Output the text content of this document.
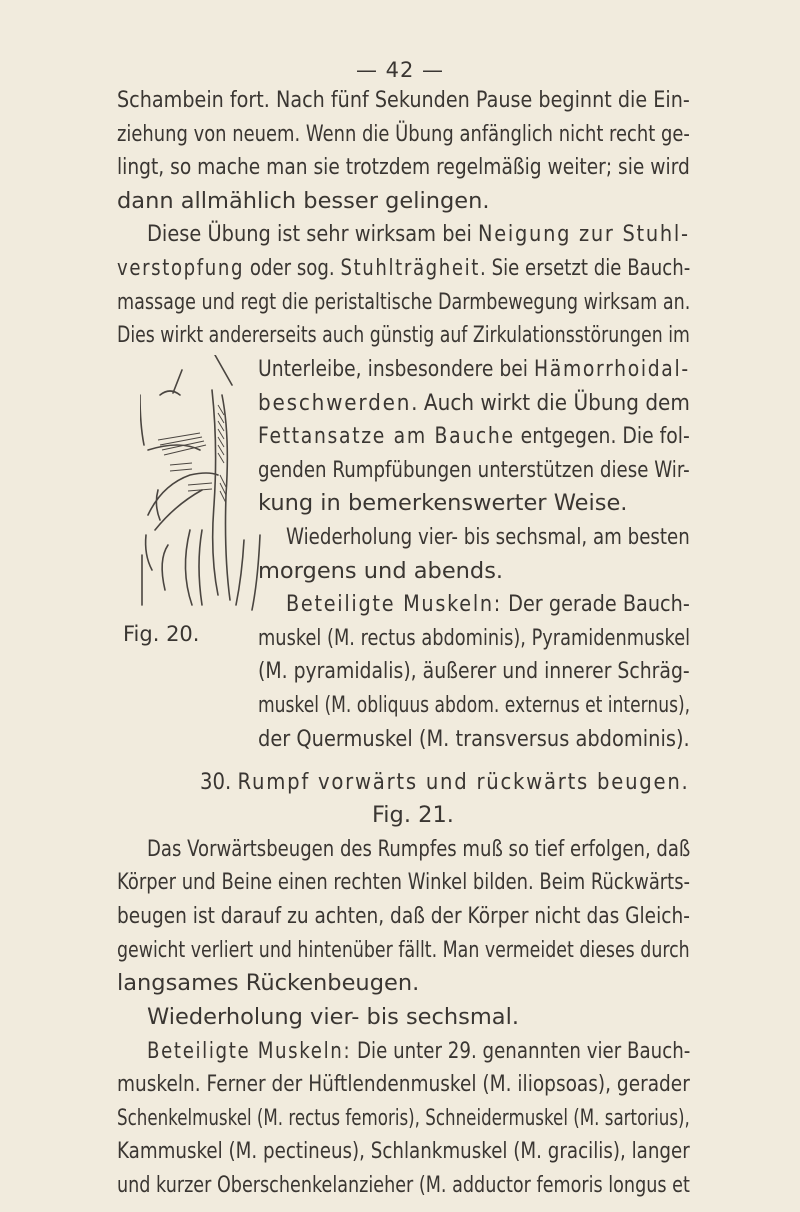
— 42 —
Schambein fort. Nach fünf Sekunden Pause beginnt die Ein-
ziehung von neuem. Wenn die Übung anfänglich nicht recht ge-
lingt, so mache man sie trotzdem regelmäßig weiter; sie wird
dann allmählich besser gelingen.
Diese Übung ist sehr wirksam bei Neigung zur Stuhl-
verstopfung oder sog. Stuhlträgheit. Sie ersetzt die Bauch-
massage und regt die peristaltische Darmbewegung wirksam an.
Dies wirkt andererseits auch günstig auf Zirkulationsstörungen im
Unterleibe, insbesondere bei Hämorrhoidal-
beschwerden. Auch wirkt die Übung dem
Fettansatze am Bauche entgegen. Die fol-
genden Rumpfübungen unterstützen diese Wir-
kung in bemerkenswerter Weise.
Wiederholung vier- bis sechsmal, am besten
morgens und abends.
Beteiligte Muskeln: Der gerade Bauch-
muskel (M. rectus abdominis), Pyramidenmuskel
(M. pyramidalis), äußerer und innerer Schräg-
muskel (M. obliquus abdom. externus et internus),
der Quermuskel (M. transversus abdominis).
Fig. 20.
30. Rumpf vorwärts und rückwärts beugen.
Fig. 21.
Das Vorwärtsbeugen des Rumpfes muß so tief erfolgen, daß
Körper und Beine einen rechten Winkel bilden. Beim Rückwärts-
beugen ist darauf zu achten, daß der Körper nicht das Gleich-
gewicht verliert und hintenüber fällt. Man vermeidet dieses durch
langsames Rückenbeugen.
Wiederholung vier- bis sechsmal.
Beteiligte Muskeln: Die unter 29. genannten vier Bauch-
muskeln. Ferner der Hüftlendenmuskel (M. iliopsoas), gerader
Schenkelmuskel (M. rectus femoris), Schneidermuskel (M. sartorius),
Kammuskel (M. pectineus), Schlankmuskel (M. gracilis), langer
und kurzer Oberschenkelanzieher (M. adductor femoris longus et
